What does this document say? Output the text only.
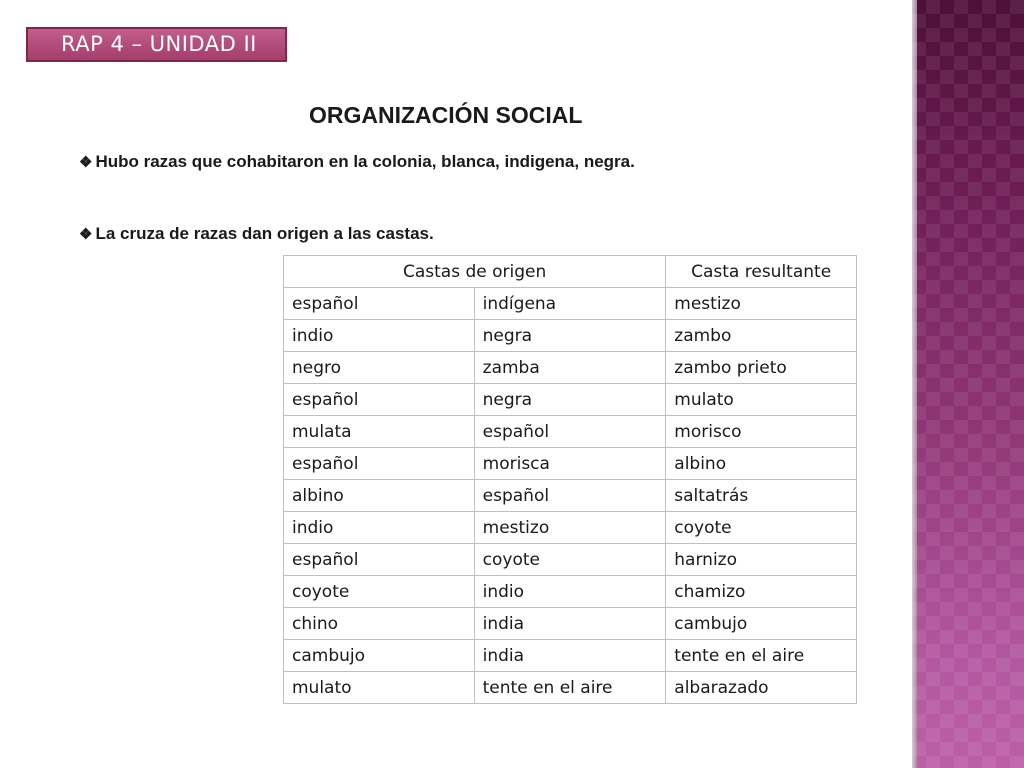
RAP 4 – UNIDAD II
ORGANIZACIÓN SOCIAL
❖ Hubo razas que cohabitaron en la colonia, blanca, indigena, negra.
❖ La cruza de razas dan origen a las castas.
Castas de origen		Casta resultante
español	indígena	mestizo
indio	negra	zambo
negro	zamba	zambo prieto
español	negra	mulato
mulata	español	morisco
español	morisca	albino
albino	español	saltatrás
indio	mestizo	coyote
español	coyote	harnizo
coyote	indio	chamizo
chino	india	cambujo
cambujo	india	tente en el aire
mulato	tente en el aire	albarazado
